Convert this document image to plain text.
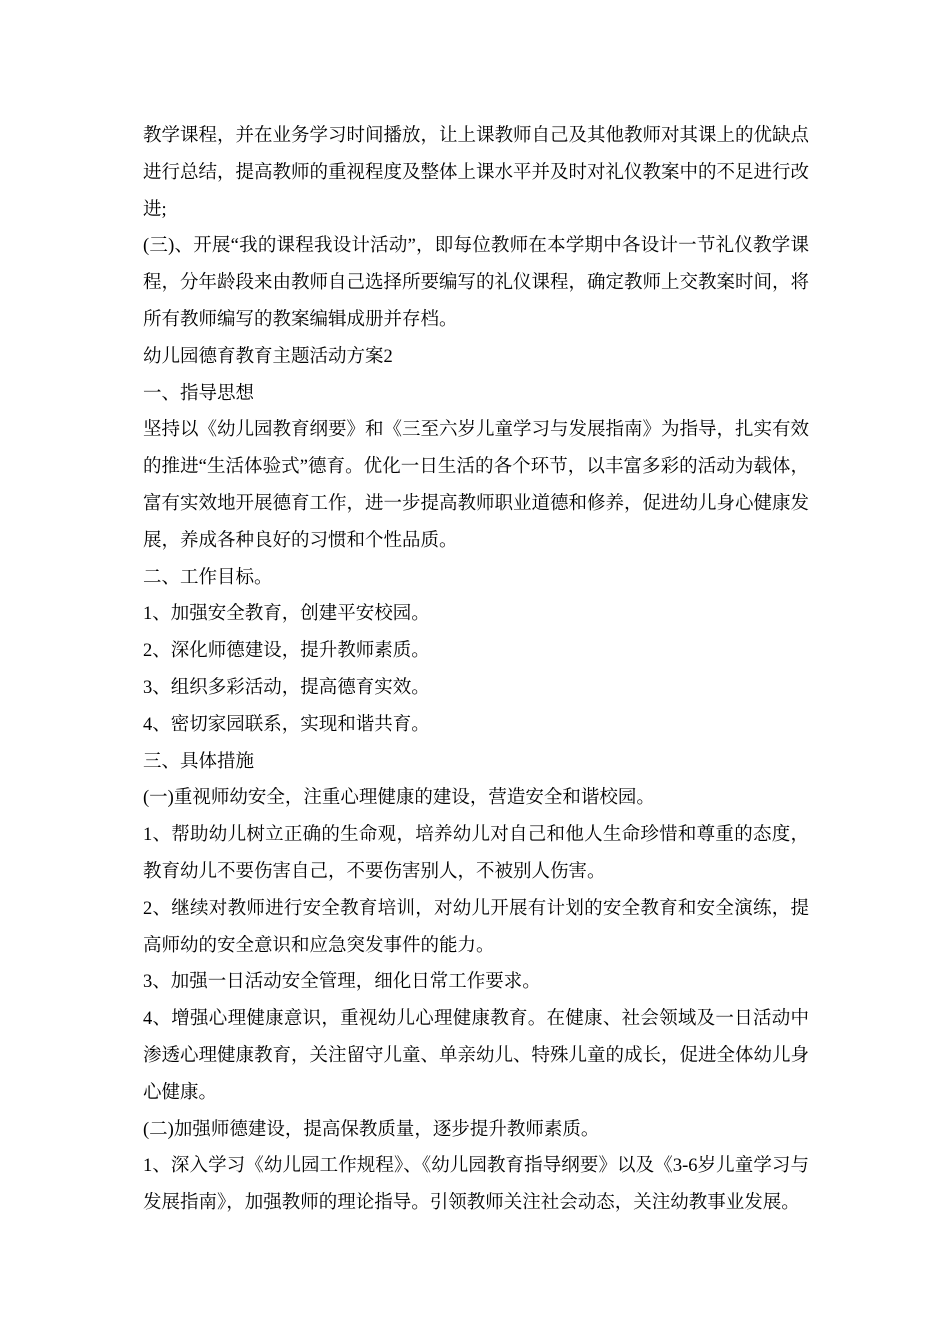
教学课程，并在业务学习时间播放，让上课教师自己及其他教师对其课上的优缺点进行总结，提高教师的重视程度及整体上课水平并及时对礼仪教案中的不足进行改进;

(三)、开展“我的课程我设计活动”，即每位教师在本学期中各设计一节礼仪教学课程，分年龄段来由教师自己选择所要编写的礼仪课程，确定教师上交教案时间，将所有教师编写的教案编辑成册并存档。

幼儿园德育教育主题活动方案2

一、指导思想

坚持以《幼儿园教育纲要》和《三至六岁儿童学习与发展指南》为指导，扎实有效的推进“生活体验式”德育。优化一日生活的各个环节，以丰富多彩的活动为载体，富有实效地开展德育工作，进一步提高教师职业道德和修养，促进幼儿身心健康发展，养成各种良好的习惯和个性品质。

二、工作目标。

1、加强安全教育，创建平安校园。

2、深化师德建设，提升教师素质。

3、组织多彩活动，提高德育实效。

4、密切家园联系，实现和谐共育。

三、具体措施

(一)重视师幼安全，注重心理健康的建设，营造安全和谐校园。

1、帮助幼儿树立正确的生命观，培养幼儿对自己和他人生命珍惜和尊重的态度，教育幼儿不要伤害自己，不要伤害别人，不被别人伤害。

2、继续对教师进行安全教育培训，对幼儿开展有计划的安全教育和安全演练，提高师幼的安全意识和应急突发事件的能力。

3、加强一日活动安全管理，细化日常工作要求。

4、增强心理健康意识，重视幼儿心理健康教育。在健康、社会领域及一日活动中渗透心理健康教育，关注留守儿童、单亲幼儿、特殊儿童的成长，促进全体幼儿身心健康。

(二)加强师德建设，提高保教质量，逐步提升教师素质。

1、深入学习《幼儿园工作规程》、《幼儿园教育指导纲要》以及《3-6岁儿童学习与发展指南》，加强教师的理论指导。引领教师关注社会动态，关注幼教事业发展。
